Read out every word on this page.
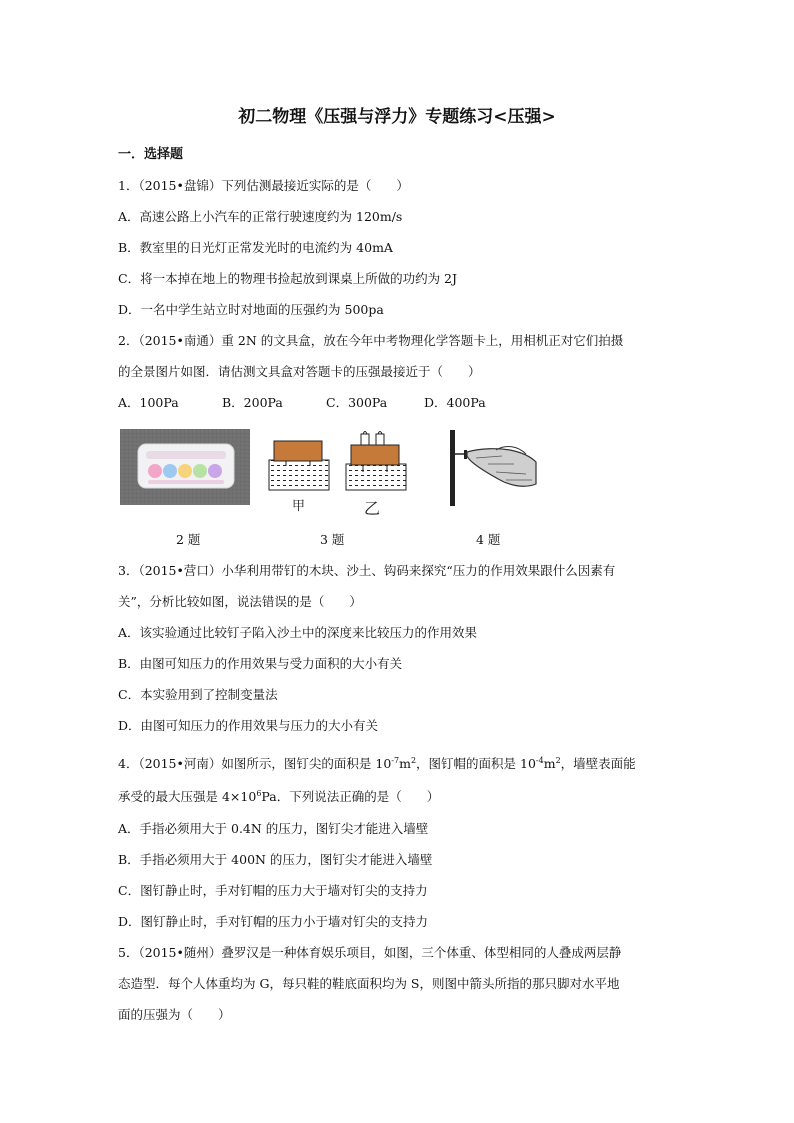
初二物理《压强与浮力》专题练习<压强>
一．选择题
1．（2015•盘锦）下列估测最接近实际的是（　　）
A．高速公路上小汽车的正常行驶速度约为 120m/s
B．教室里的日光灯正常发光时的电流约为 40mA
C．将一本掉在地上的物理书捡起放到课桌上所做的功约为 2J
D．一名中学生站立时对地面的压强约为 500pa
2．（2015•南通）重 2N 的文具盒，放在今年中考物理化学答题卡上，用相机正对它们拍摄
的全景图片如图．请估测文具盒对答题卡的压强最接近于（　　）
A．100Pa	B．200Pa	C．300Pa	D．400Pa
甲	乙
2 题	3 题	4 题
3．（2015•营口）小华利用带钉的木块、沙土、钩码来探究“压力的作用效果跟什么因素有
关”，分析比较如图，说法错误的是（　　）
A．该实验通过比较钉子陷入沙土中的深度来比较压力的作用效果
B．由图可知压力的作用效果与受力面积的大小有关
C．本实验用到了控制变量法
D．由图可知压力的作用效果与压力的大小有关
4．（2015•河南）如图所示，图钉尖的面积是 $10^{-7}m^2$，图钉帽的面积是 $10^{-4}m^2$，墙壁表面能
承受的最大压强是 $4\times 10^6Pa$．下列说法正确的是（　　）
A．手指必须用大于 0.4N 的压力，图钉尖才能进入墙壁
B．手指必须用大于 400N 的压力，图钉尖才能进入墙壁
C．图钉静止时，手对钉帽的压力大于墙对钉尖的支持力
D．图钉静止时，手对钉帽的压力小于墙对钉尖的支持力
5．（2015•随州）叠罗汉是一种体育娱乐项目，如图，三个体重、体型相同的人叠成两层静
态造型．每个人体重均为 G，每只鞋的鞋底面积均为 S，则图中箭头所指的那只脚对水平地
面的压强为（　　）
